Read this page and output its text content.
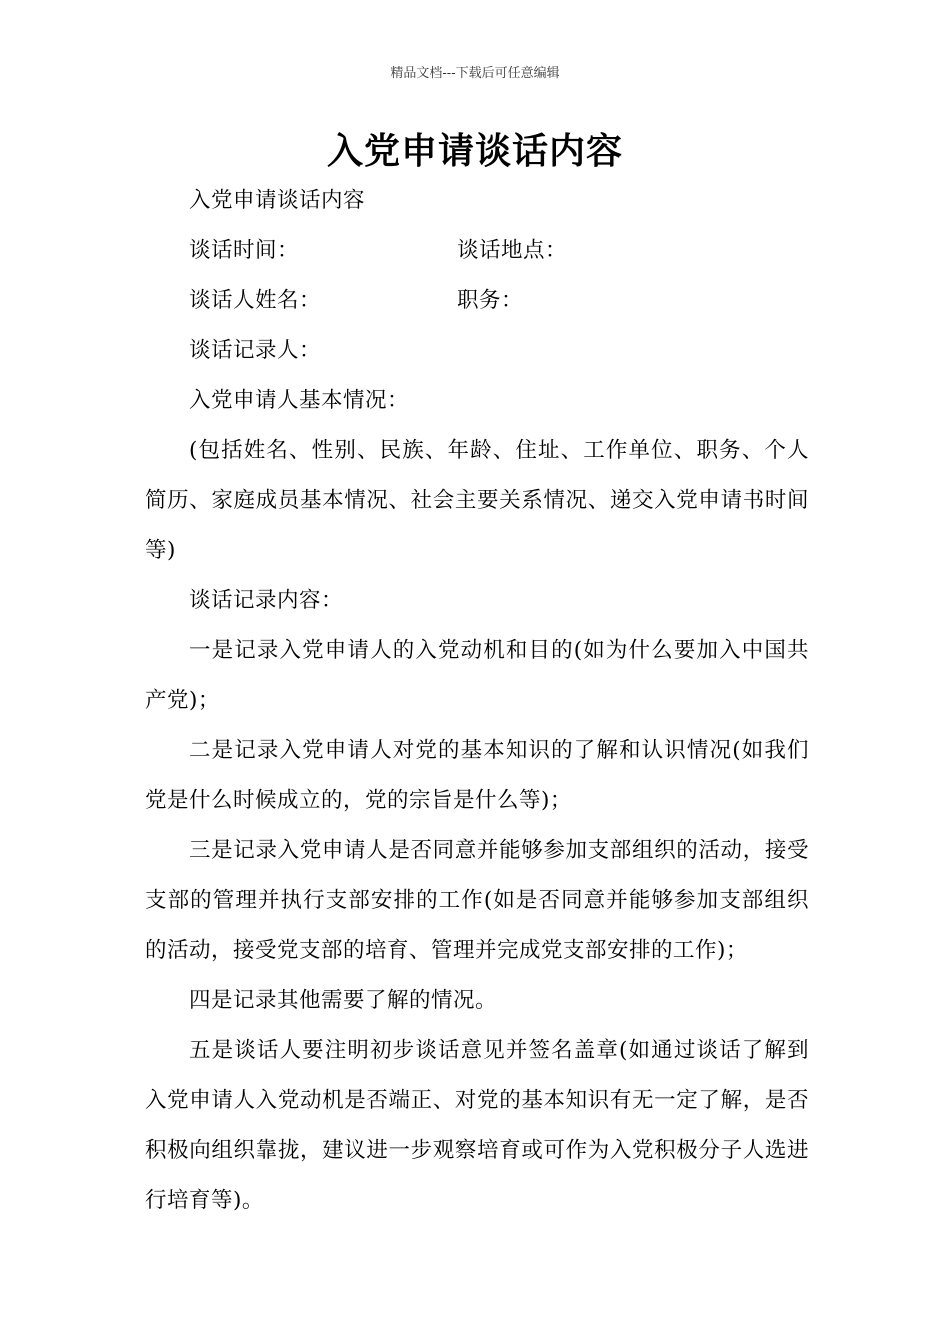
精品文档---下载后可任意编辑
入党申请谈话内容

入党申请谈话内容

谈话时间：	谈话地点：
谈话人姓名：	职务：

谈话记录人：

入党申请人基本情况：

(包括姓名、性别、民族、年龄、住址、工作单位、职务、个人简历、家庭成员基本情况、社会主要关系情况、递交入党申请书时间等)

谈话记录内容：

一是记录入党申请人的入党动机和目的(如为什么要加入中国共产党)；

二是记录入党申请人对党的基本知识的了解和认识情况(如我们党是什么时候成立的，党的宗旨是什么等)；

三是记录入党申请人是否同意并能够参加支部组织的活动，接受支部的管理并执行支部安排的工作(如是否同意并能够参加支部组织的活动，接受党支部的培育、管理并完成党支部安排的工作)；

四是记录其他需要了解的情况。

五是谈话人要注明初步谈话意见并签名盖章(如通过谈话了解到入党申请人入党动机是否端正、对党的基本知识有无一定了解，是否积极向组织靠拢，建议进一步观察培育或可作为入党积极分子人选进行培育等)。
